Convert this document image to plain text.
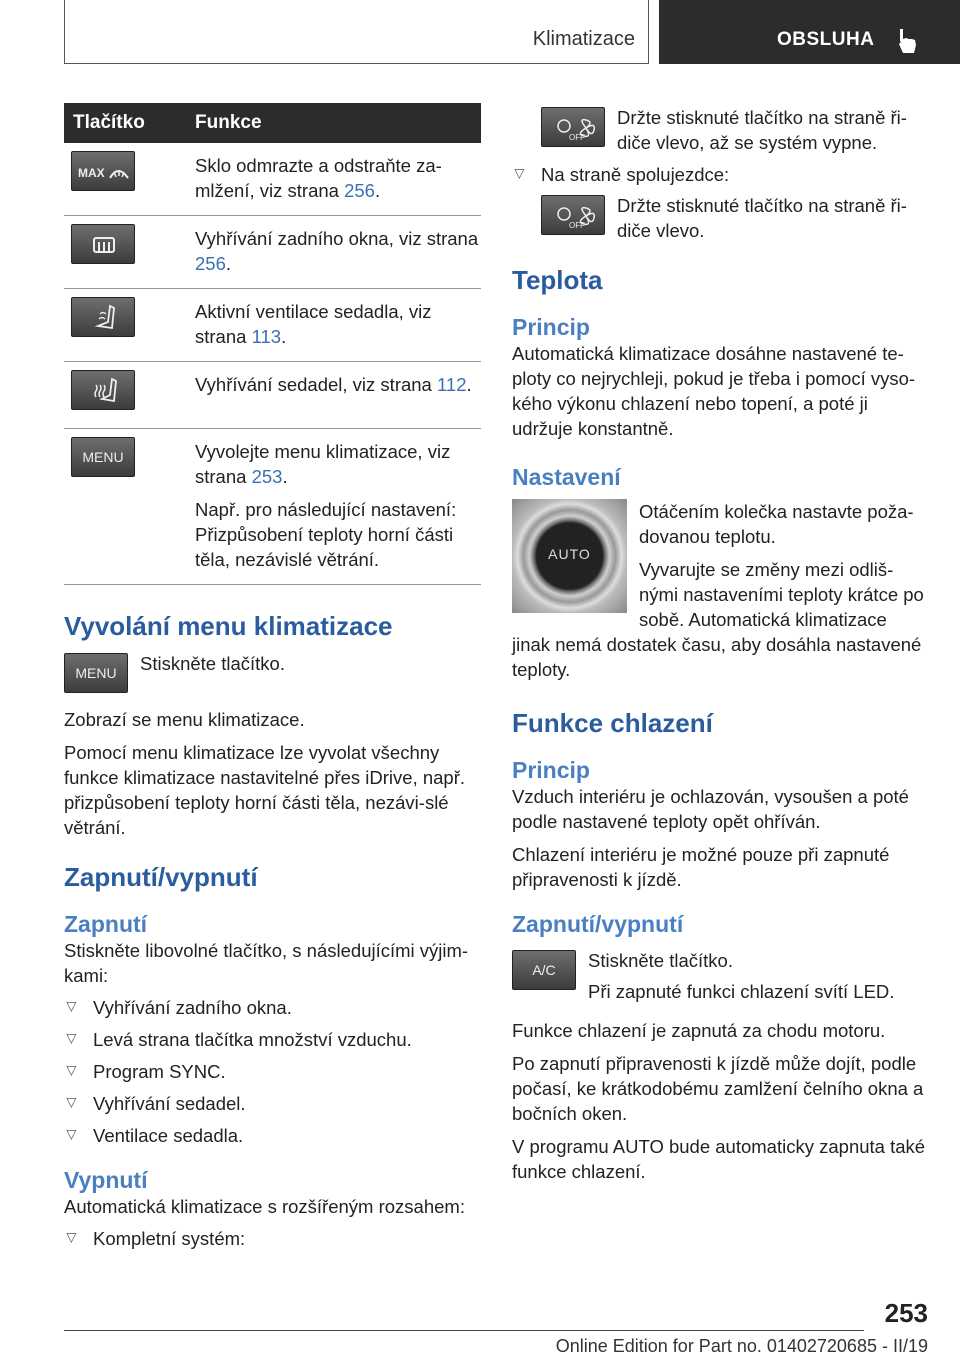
Klimatizace	OBSLUHA
Tlačítko	Funkce

MAX	Sklo odmrazte a odstraňte za‐mlžení, viz strana 256.

	Vyhřívání zadního okna, viz strana 256.

	Aktivní ventilace sedadla, viz strana 113.

	Vyhřívání sedadel, viz strana 112.
MENU	Vyvolejte menu klimatizace, viz strana 253.

Např. pro následující nastavení: Přizpůsobení teploty horní části těla, nezávislé větrání.

Vyvolání menu klimatizace
MENU	Stiskněte tlačítko.

Zobrazí se menu klimatizace.

Pomocí menu klimatizace lze vyvolat všechny funkce klimatizace nastavitelné přes iDrive, např. přizpůsobení teploty horní části těla, nezávi‐slé větrání.

Zapnutí/vypnutí
Zapnutí

Stiskněte libovolné tlačítko, s následujícími výjim‐kami:

▷ Vyhřívání zadního okna.
▷ Levá strana tlačítka množství vzduchu.
▷ Program SYNC.
▷ Vyhřívání sedadel.
▷ Ventilace sedadla.
Vypnutí

Automatická klimatizace s rozšířeným rozsahem:

▷ Kompletní systém:
OFF

Držte stisknuté tlačítko na straně ři‐diče vlevo, až se systém vypne.

▷ Na straně spolujezdce:
OFF

Držte stisknuté tlačítko na straně ři‐diče vlevo.

Teplota
Princip

Automatická klimatizace dosáhne nastavené te‐ploty co nejrychleji, pokud je třeba i pomocí vyso‐kého výkonu chlazení nebo topení, a poté ji udržuje konstantně.

Nastavení
AUTO

Otáčením kolečka nastavte poža‐dovanou teplotu.

Vyvarujte se změny mezi odliš‐nými nastaveními teploty krátce po sobě. Automatická klimatizace

jinak nemá dostatek času, aby dosáhla nastavené teploty.

Funkce chlazení
Princip

Vzduch interiéru je ochlazován, vysoušen a poté podle nastavené teploty opět ohříván.

Chlazení interiéru je možné pouze při zapnuté připravenosti k jízdě.

Zapnutí/vypnutí
A/C	Stiskněte tlačítko.

Při zapnuté funkci chlazení svítí LED.

Funkce chlazení je zapnutá za chodu motoru.

Po zapnutí připravenosti k jízdě může dojít, podle počasí, ke krátkodobému zamlžení čelního okna a bočních oken.

V programu AUTO bude automaticky zapnuta také funkce chlazení.

253
Online Edition for Part no. 01402720685 - II/19
